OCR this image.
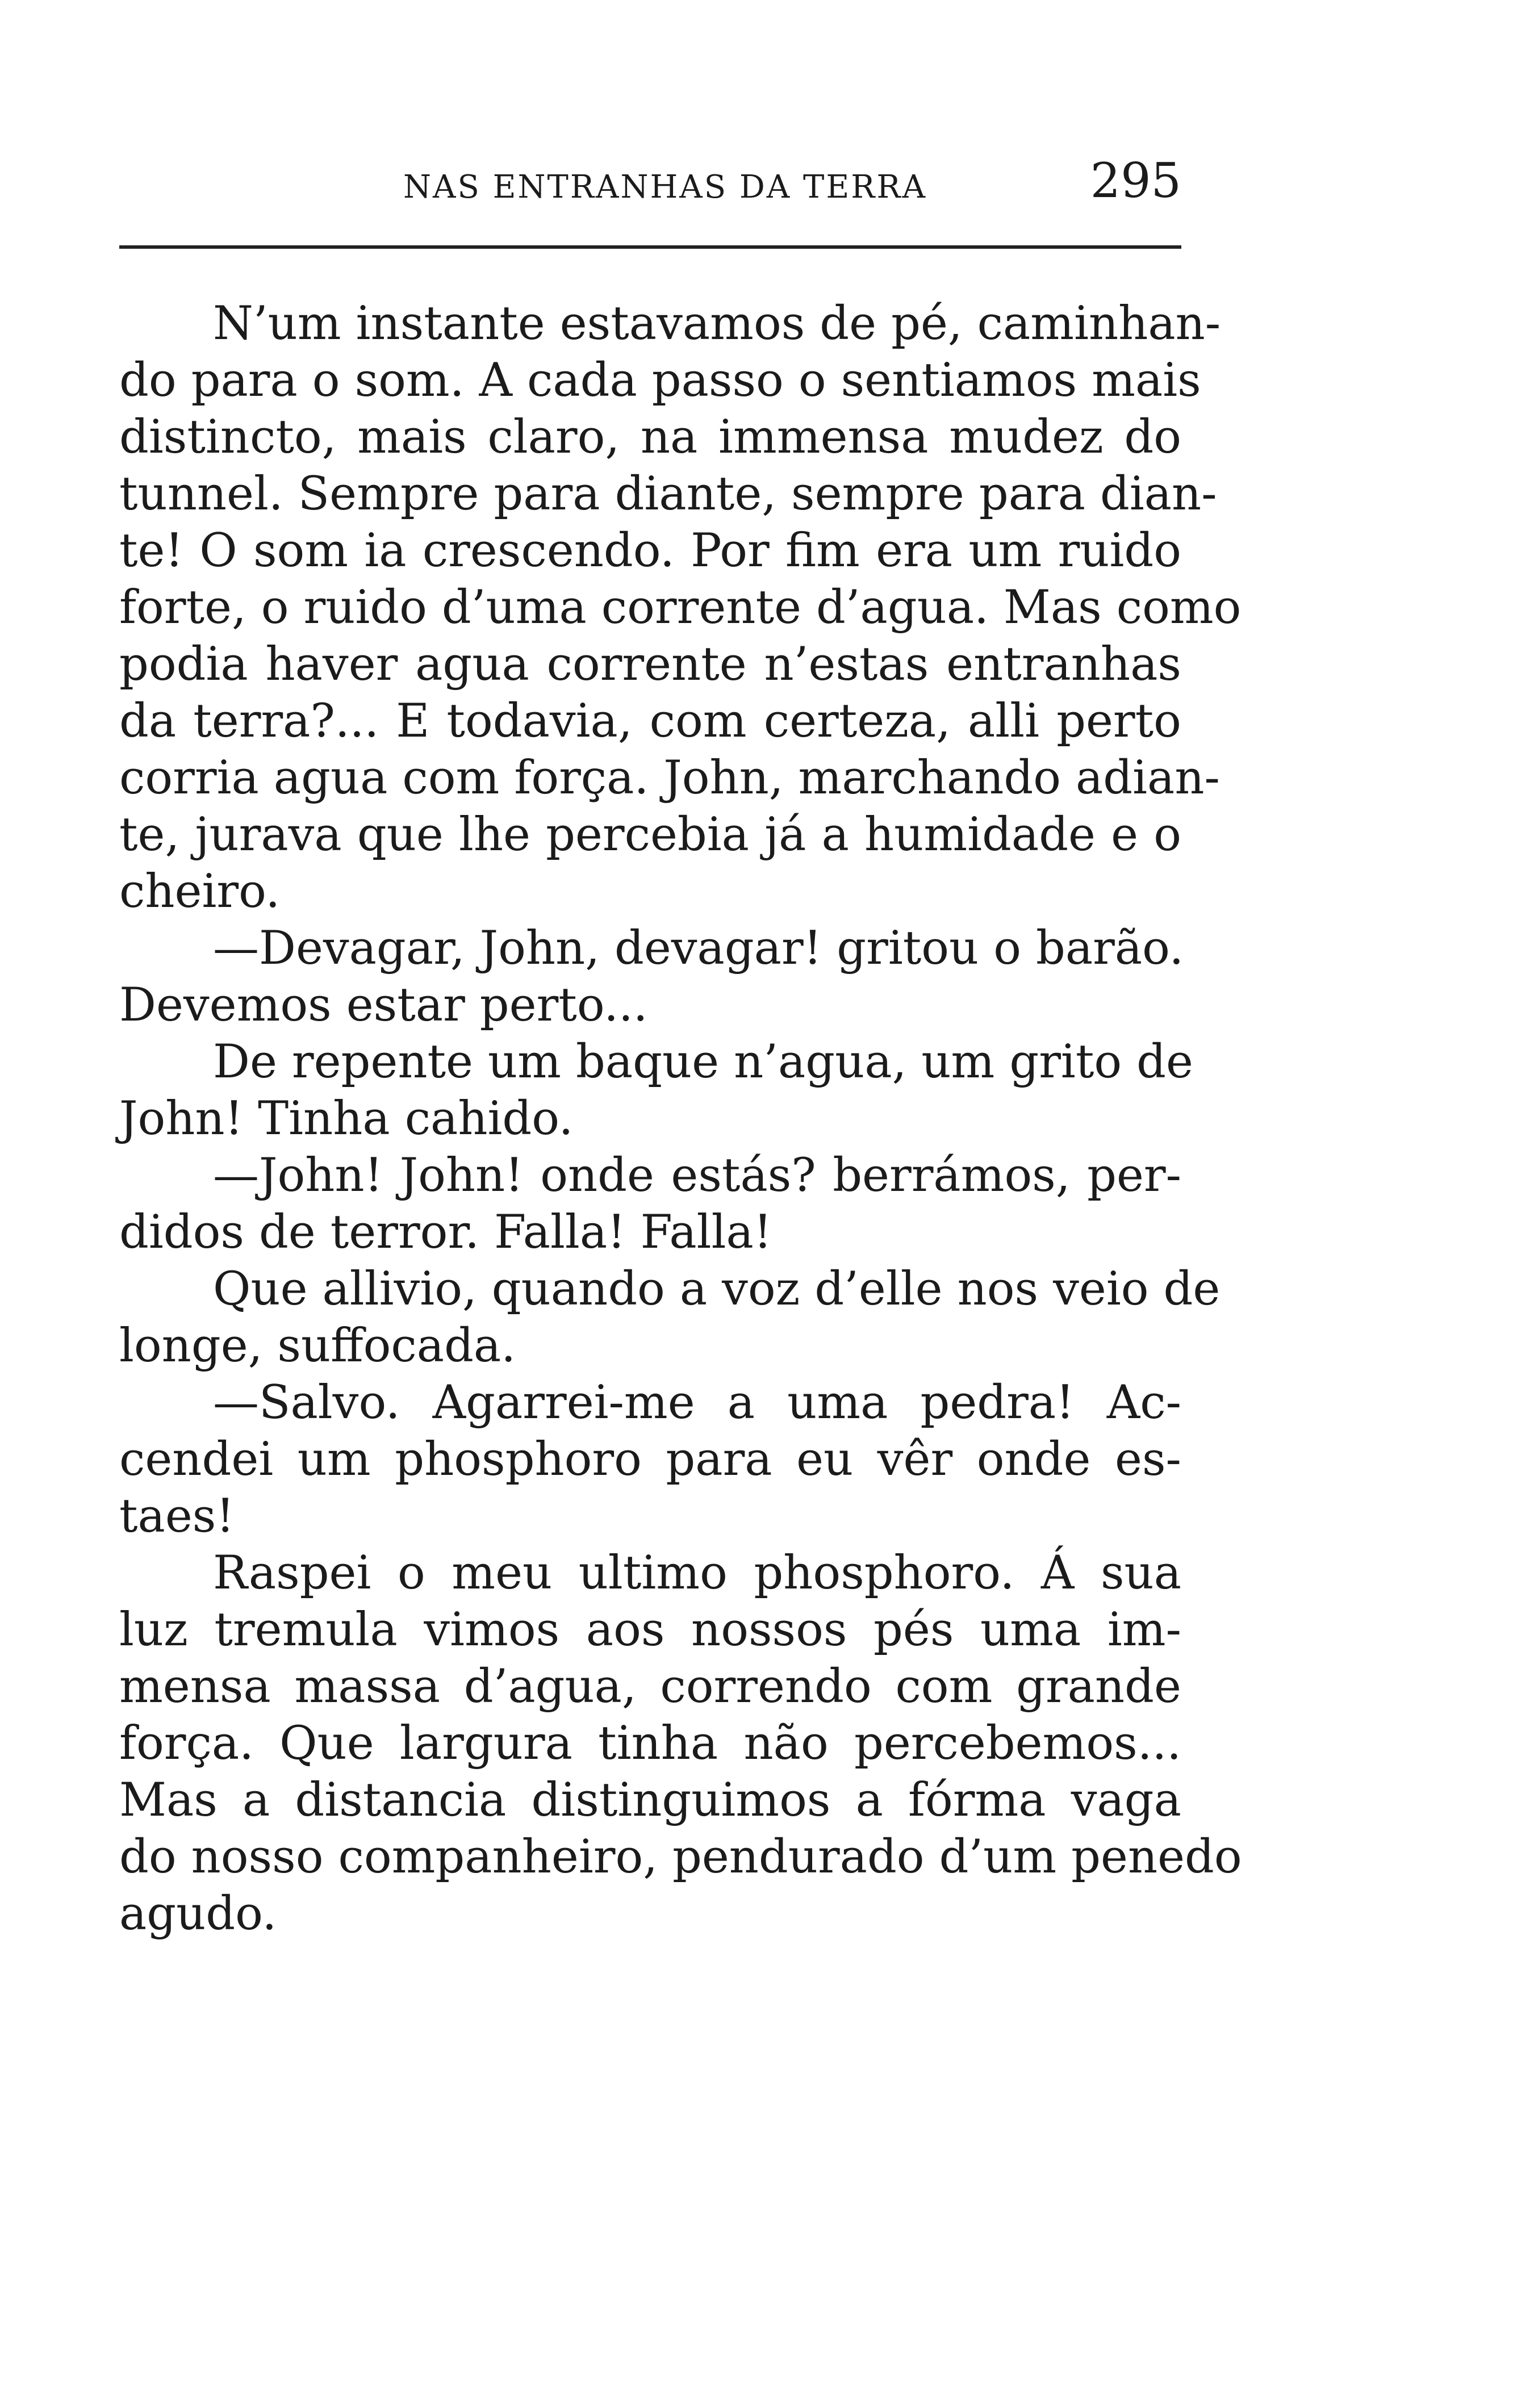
NAS ENTRANHAS DA TERRA	295
N’um instante estavamos de pé, caminhan-
do para o som. A cada passo o sentiamos mais
distincto, mais claro, na immensa mudez do
tunnel. Sempre para diante, sempre para dian-
te! O som ia crescendo. Por fim era um ruido
forte, o ruido d’uma corrente d’agua. Mas como
podia haver agua corrente n’estas entranhas
da terra?... E todavia, com certeza, alli perto
corria agua com força. John, marchando adian-
te, jurava que lhe percebia já a humidade e o
cheiro.
—Devagar, John, devagar! gritou o barão.
Devemos estar perto...
De repente um baque n’agua, um grito de
John! Tinha cahido.
—John! John! onde estás? berrámos, per-
didos de terror. Falla! Falla!
Que allivio, quando a voz d’elle nos veio de
longe, suffocada.
—Salvo. Agarrei-me a uma pedra! Ac-
cendei um phosphoro para eu vêr onde es-
taes!
Raspei o meu ultimo phosphoro. Á sua
luz tremula vimos aos nossos pés uma im-
mensa massa d’agua, correndo com grande
força. Que largura tinha não percebemos...
Mas a distancia distinguimos a fórma vaga
do nosso companheiro, pendurado d’um penedo
agudo.
